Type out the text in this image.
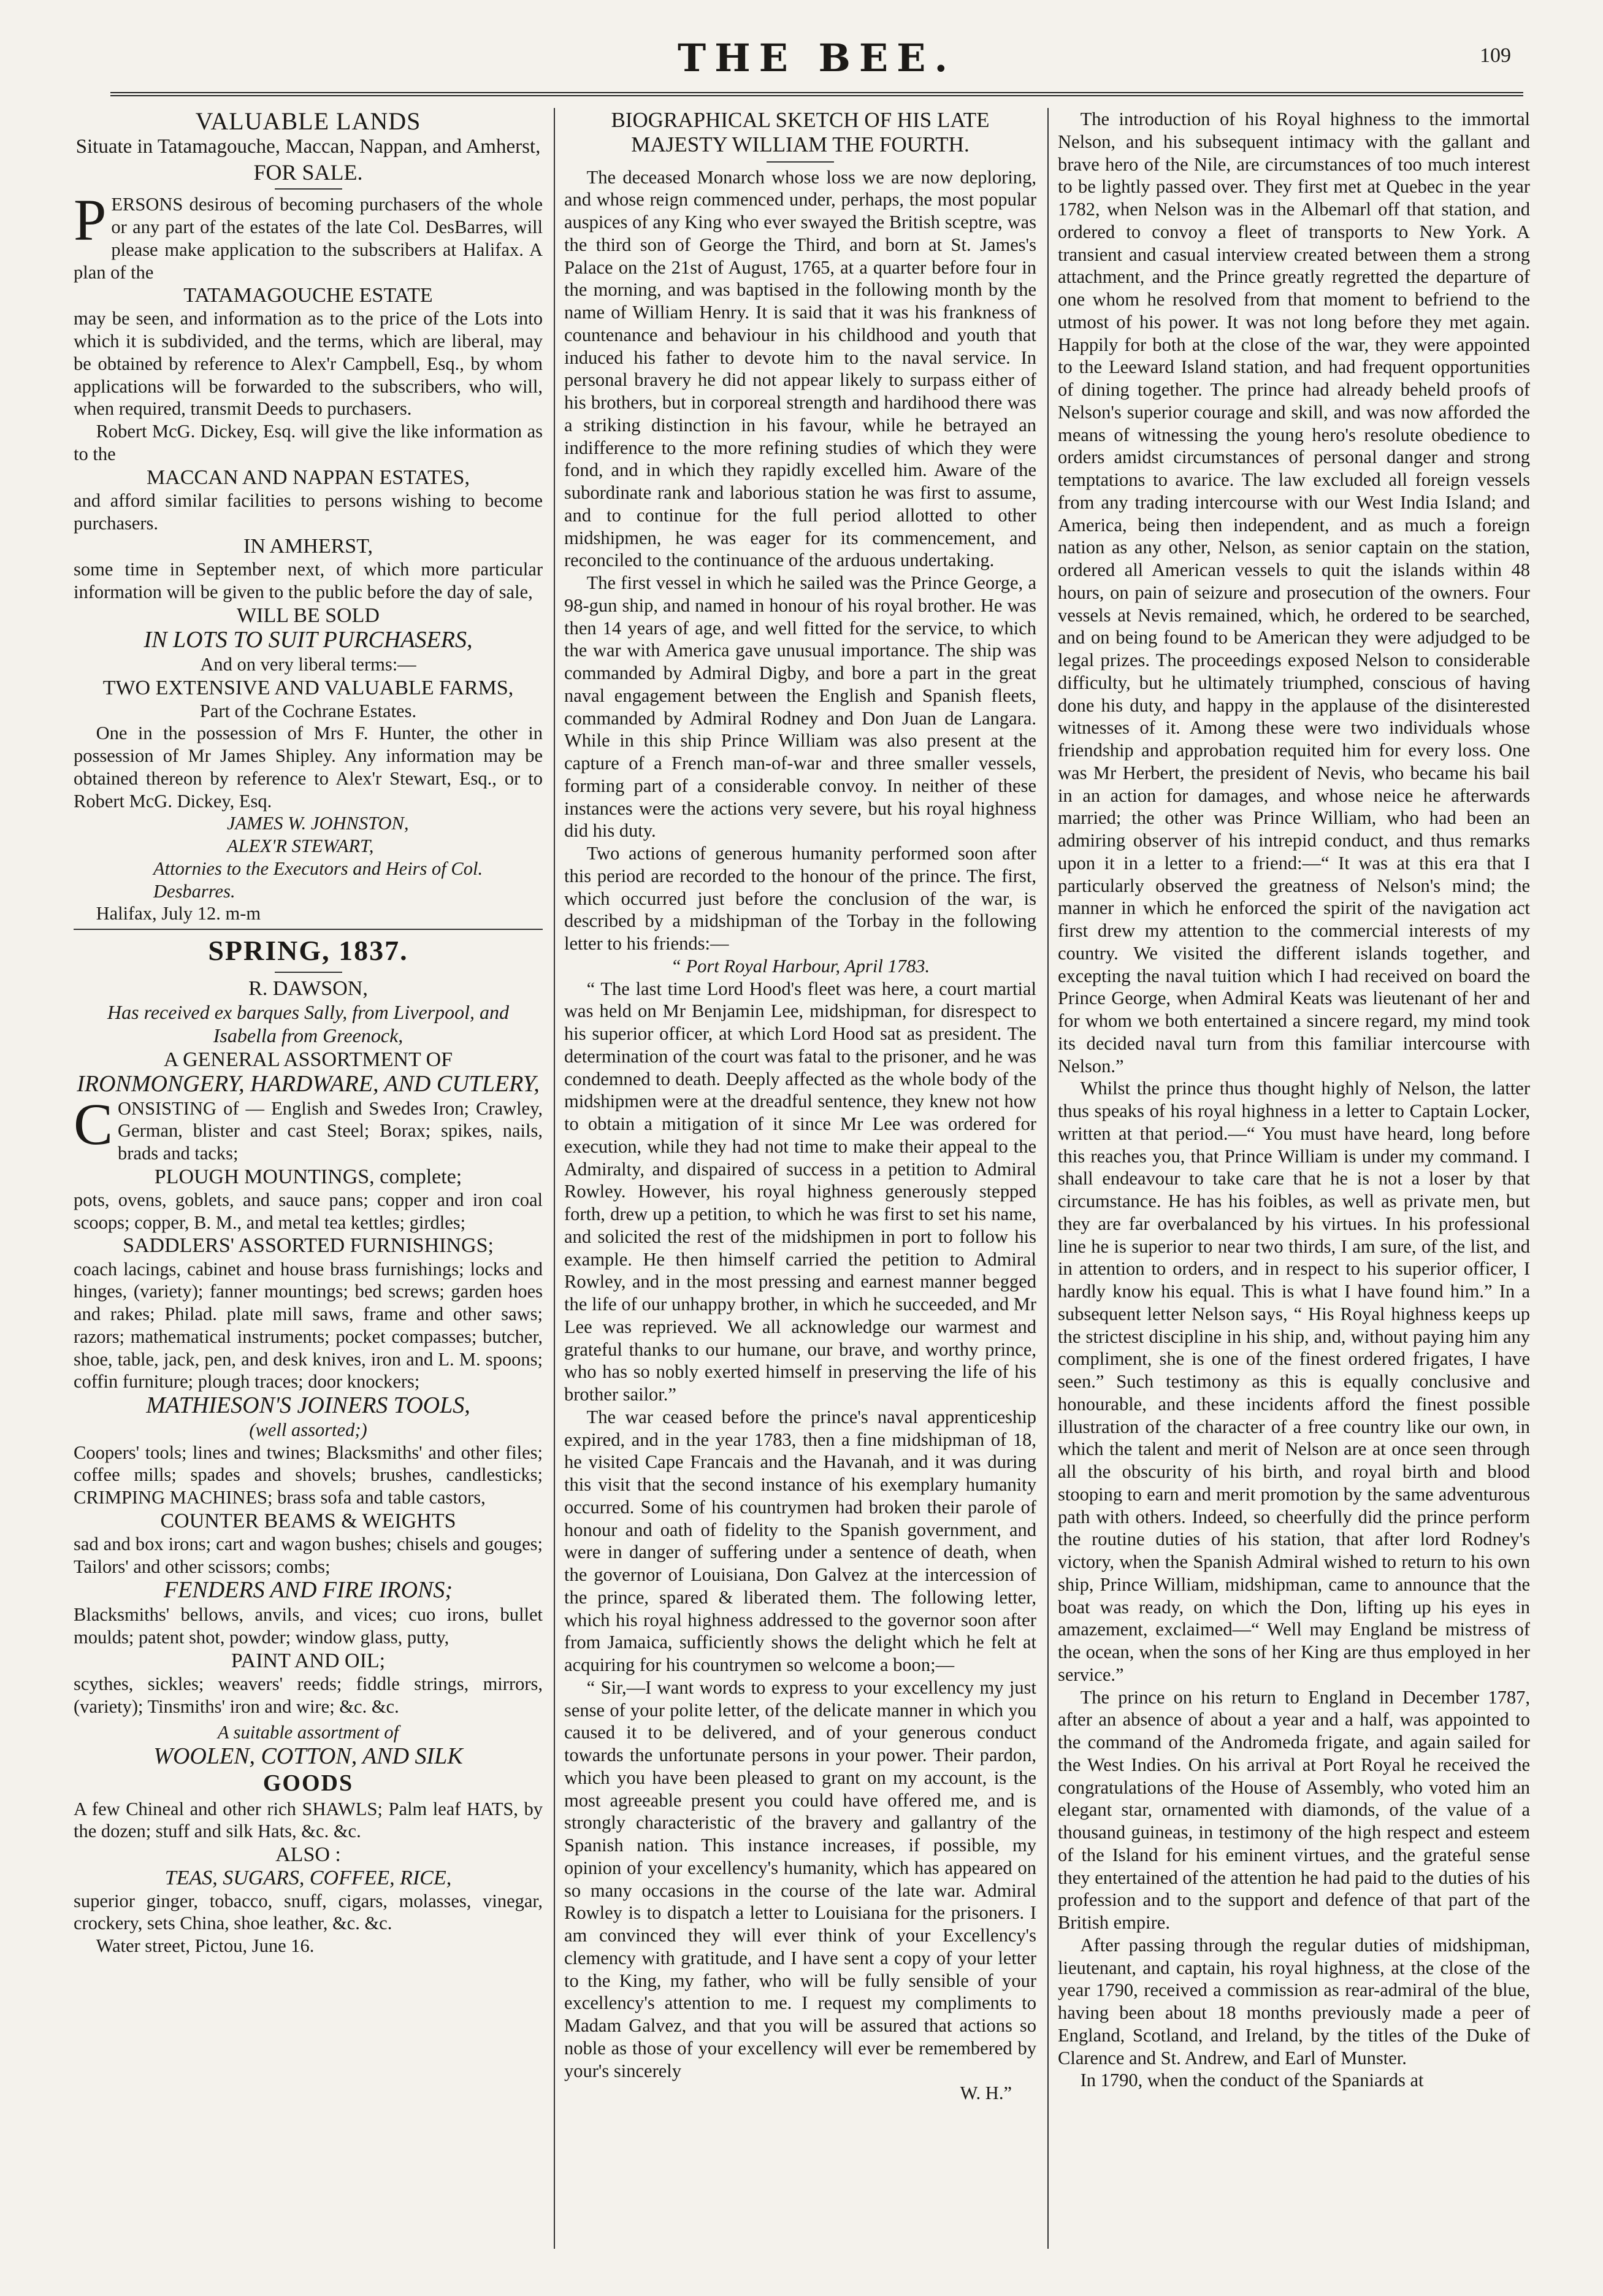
THE BEE.	109
VALUABLE LANDS
Situate in Tatamagouche, Maccan, Nappan, and Amherst,
FOR SALE.

PERSONS desirous of becoming purchasers of the whole or any part of the estates of the late Col. DesBarres, will please make application to the subscribers at Halifax. A plan of the

TATAMAGOUCHE ESTATE

may be seen, and information as to the price of the Lots into which it is subdivided, and the terms, which are liberal, may be obtained by reference to Alex'r Campbell, Esq., by whom applications will be forwarded to the subscribers, who will, when required, transmit Deeds to purchasers.

Robert McG. Dickey, Esq. will give the like information as to the

MACCAN AND NAPPAN ESTATES,

and afford similar facilities to persons wishing to become purchasers.

IN AMHERST,

some time in September next, of which more particular information will be given to the public before the day of sale,

WILL BE SOLD
IN LOTS TO SUIT PURCHASERS,
And on very liberal terms:—
TWO EXTENSIVE AND VALUABLE FARMS,
Part of the Cochrane Estates.

One in the possession of Mrs F. Hunter, the other in possession of Mr James Shipley. Any information may be obtained thereon by reference to Alex'r Stewart, Esq., or to Robert McG. Dickey, Esq.

JAMES W. JOHNSTON,
ALEX'R STEWART,
Attornies to the Executors and Heirs of Col. Desbarres.

Halifax, July 12. m-m

SPRING, 1837.
R. DAWSON,
Has received ex barques Sally, from Liverpool, and Isabella from Greenock,
A GENERAL ASSORTMENT OF
IRONMONGERY, HARDWARE, AND CUTLERY,

CONSISTING of — English and Swedes Iron; Crawley, German, blister and cast Steel; Borax; spikes, nails, brads and tacks;

PLOUGH MOUNTINGS, complete;

pots, ovens, goblets, and sauce pans; copper and iron coal scoops; copper, B. M., and metal tea kettles; girdles;

SADDLERS' ASSORTED FURNISHINGS;

coach lacings, cabinet and house brass furnishings; locks and hinges, (variety); fanner mountings; bed screws; garden hoes and rakes; Philad. plate mill saws, frame and other saws; razors; mathematical instruments; pocket compasses; butcher, shoe, table, jack, pen, and desk knives, iron and L. M. spoons; coffin furniture; plough traces; door knockers;

MATHIESON'S JOINERS TOOLS,
(well assorted;)

Coopers' tools; lines and twines; Blacksmiths' and other files; coffee mills; spades and shovels; brushes, candlesticks; CRIMPING MACHINES; brass sofa and table castors,

COUNTER BEAMS & WEIGHTS

sad and box irons; cart and wagon bushes; chisels and gouges; Tailors' and other scissors; combs;

FENDERS AND FIRE IRONS;

Blacksmiths' bellows, anvils, and vices; cuo irons, bullet moulds; patent shot, powder; window glass, putty,

PAINT AND OIL;

scythes, sickles; weavers' reeds; fiddle strings, mirrors, (variety); Tinsmiths' iron and wire; &c. &c.

A suitable assortment of
WOOLEN, COTTON, AND SILK
GOODS

A few Chineal and other rich SHAWLS; Palm leaf HATS, by the dozen; stuff and silk Hats, &c. &c.

ALSO :
TEAS, SUGARS, COFFEE, RICE,

superior ginger, tobacco, snuff, cigars, molasses, vinegar, crockery, sets China, shoe leather, &c. &c.

Water street, Pictou, June 16.

BIOGRAPHICAL SKETCH OF HIS LATE MAJESTY WILLIAM THE FOURTH.

The deceased Monarch whose loss we are now deploring, and whose reign commenced under, perhaps, the most popular auspices of any King who ever swayed the British sceptre, was the third son of George the Third, and born at St. James's Palace on the 21st of August, 1765, at a quarter before four in the morning, and was baptised in the following month by the name of William Henry. It is said that it was his frankness of countenance and behaviour in his childhood and youth that induced his father to devote him to the naval service. In personal bravery he did not appear likely to surpass either of his brothers, but in corporeal strength and hardihood there was a striking distinction in his favour, while he betrayed an indifference to the more refining studies of which they were fond, and in which they rapidly excelled him. Aware of the subordinate rank and laborious station he was first to assume, and to continue for the full period allotted to other midshipmen, he was eager for its commencement, and reconciled to the continuance of the arduous undertaking.

The first vessel in which he sailed was the Prince George, a 98-gun ship, and named in honour of his royal brother. He was then 14 years of age, and well fitted for the service, to which the war with America gave unusual importance. The ship was commanded by Admiral Digby, and bore a part in the great naval engagement between the English and Spanish fleets, commanded by Admiral Rodney and Don Juan de Langara. While in this ship Prince William was also present at the capture of a French man-of-war and three smaller vessels, forming part of a considerable convoy. In neither of these instances were the actions very severe, but his royal highness did his duty.

Two actions of generous humanity performed soon after this period are recorded to the honour of the prince. The first, which occurred just before the conclusion of the war, is described by a midshipman of the Torbay in the following letter to his friends:—

“ Port Royal Harbour, April 1783.

“ The last time Lord Hood's fleet was here, a court martial was held on Mr Benjamin Lee, midshipman, for disrespect to his superior officer, at which Lord Hood sat as president. The determination of the court was fatal to the prisoner, and he was condemned to death. Deeply affected as the whole body of the midshipmen were at the dreadful sentence, they knew not how to obtain a mitigation of it since Mr Lee was ordered for execution, while they had not time to make their appeal to the Admiralty, and dispaired of success in a petition to Admiral Rowley. However, his royal highness generously stepped forth, drew up a petition, to which he was first to set his name, and solicited the rest of the midshipmen in port to follow his example. He then himself carried the petition to Admiral Rowley, and in the most pressing and earnest manner begged the life of our unhappy brother, in which he succeeded, and Mr Lee was reprieved. We all acknowledge our warmest and grateful thanks to our humane, our brave, and worthy prince, who has so nobly exerted himself in preserving the life of his brother sailor.”

The war ceased before the prince's naval apprenticeship expired, and in the year 1783, then a fine midshipman of 18, he visited Cape Francais and the Havanah, and it was during this visit that the second instance of his exemplary humanity occurred. Some of his countrymen had broken their parole of honour and oath of fidelity to the Spanish government, and were in danger of suffering under a sentence of death, when the governor of Louisiana, Don Galvez at the intercession of the prince, spared & liberated them. The following letter, which his royal highness addressed to the governor soon after from Jamaica, sufficiently shows the delight which he felt at acquiring for his countrymen so welcome a boon;—

“ Sir,—I want words to express to your excellency my just sense of your polite letter, of the delicate manner in which you caused it to be delivered, and of your generous conduct towards the unfortunate persons in your power. Their pardon, which you have been pleased to grant on my account, is the most agreeable present you could have offered me, and is strongly characteristic of the bravery and gallantry of the Spanish nation. This instance increases, if possible, my opinion of your excellency's humanity, which has appeared on so many occasions in the course of the late war. Admiral Rowley is to dispatch a letter to Louisiana for the prisoners. I am convinced they will ever think of your Excellency's clemency with gratitude, and I have sent a copy of your letter to the King, my father, who will be fully sensible of your excellency's attention to me. I request my compliments to Madam Galvez, and that you will be assured that actions so noble as those of your excellency will ever be remembered by your's sincerely

W. H.”

The introduction of his Royal highness to the immortal Nelson, and his subsequent intimacy with the gallant and brave hero of the Nile, are circumstances of too much interest to be lightly passed over. They first met at Quebec in the year 1782, when Nelson was in the Albemarl off that station, and ordered to convoy a fleet of transports to New York. A transient and casual interview created between them a strong attachment, and the Prince greatly regretted the departure of one whom he resolved from that moment to befriend to the utmost of his power. It was not long before they met again. Happily for both at the close of the war, they were appointed to the Leeward Island station, and had frequent opportunities of dining together. The prince had already beheld proofs of Nelson's superior courage and skill, and was now afforded the means of witnessing the young hero's resolute obedience to orders amidst circumstances of personal danger and strong temptations to avarice. The law excluded all foreign vessels from any trading intercourse with our West India Island; and America, being then independent, and as much a foreign nation as any other, Nelson, as senior captain on the station, ordered all American vessels to quit the islands within 48 hours, on pain of seizure and prosecution of the owners. Four vessels at Nevis remained, which, he ordered to be searched, and on being found to be American they were adjudged to be legal prizes. The proceedings exposed Nelson to considerable difficulty, but he ultimately triumphed, conscious of having done his duty, and happy in the applause of the disinterested witnesses of it. Among these were two individuals whose friendship and approbation requited him for every loss. One was Mr Herbert, the president of Nevis, who became his bail in an action for damages, and whose neice he afterwards married; the other was Prince William, who had been an admiring observer of his intrepid conduct, and thus remarks upon it in a letter to a friend:—“ It was at this era that I particularly observed the greatness of Nelson's mind; the manner in which he enforced the spirit of the navigation act first drew my attention to the commercial interests of my country. We visited the different islands together, and excepting the naval tuition which I had received on board the Prince George, when Admiral Keats was lieutenant of her and for whom we both entertained a sincere regard, my mind took its decided naval turn from this familiar intercourse with Nelson.”

Whilst the prince thus thought highly of Nelson, the latter thus speaks of his royal highness in a letter to Captain Locker, written at that period.—“ You must have heard, long before this reaches you, that Prince William is under my command. I shall endeavour to take care that he is not a loser by that circumstance. He has his foibles, as well as private men, but they are far overbalanced by his virtues. In his professional line he is superior to near two thirds, I am sure, of the list, and in attention to orders, and in respect to his superior officer, I hardly know his equal. This is what I have found him.” In a subsequent letter Nelson says, “ His Royal highness keeps up the strictest discipline in his ship, and, without paying him any compliment, she is one of the finest ordered frigates, I have seen.” Such testimony as this is equally conclusive and honourable, and these incidents afford the finest possible illustration of the character of a free country like our own, in which the talent and merit of Nelson are at once seen through all the obscurity of his birth, and royal birth and blood stooping to earn and merit promotion by the same adventurous path with others. Indeed, so cheerfully did the prince perform the routine duties of his station, that after lord Rodney's victory, when the Spanish Admiral wished to return to his own ship, Prince William, midshipman, came to announce that the boat was ready, on which the Don, lifting up his eyes in amazement, exclaimed—“ Well may England be mistress of the ocean, when the sons of her King are thus employed in her service.”

The prince on his return to England in December 1787, after an absence of about a year and a half, was appointed to the command of the Andromeda frigate, and again sailed for the West Indies. On his arrival at Port Royal he received the congratulations of the House of Assembly, who voted him an elegant star, ornamented with diamonds, of the value of a thousand guineas, in testimony of the high respect and esteem of the Island for his eminent virtues, and the grateful sense they entertained of the attention he had paid to the duties of his profession and to the support and defence of that part of the British empire.

After passing through the regular duties of midshipman, lieutenant, and captain, his royal highness, at the close of the year 1790, received a commission as rear-admiral of the blue, having been about 18 months previously made a peer of England, Scotland, and Ireland, by the titles of the Duke of Clarence and St. Andrew, and Earl of Munster.

In 1790, when the conduct of the Spaniards at
